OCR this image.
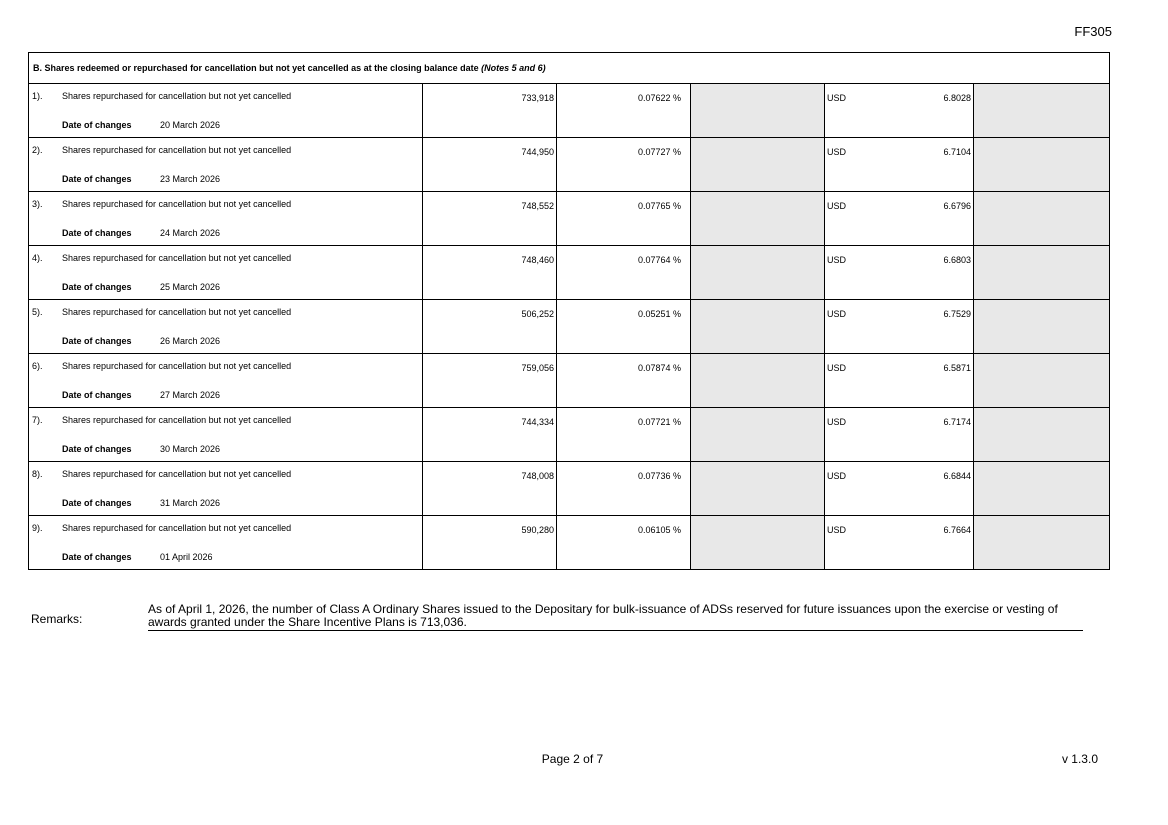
FF305
B. Shares redeemed or repurchased for cancellation but not yet cancelled as at the closing balance date (Notes 5 and 6)					

1). Shares repurchased for cancellation but not yet cancelled
Date of changes 20 March 2026	733,918	0.07622 %		USD 6.8028	

2). Shares repurchased for cancellation but not yet cancelled
Date of changes 23 March 2026	744,950	0.07727 %		USD 6.7104	

3). Shares repurchased for cancellation but not yet cancelled
Date of changes 24 March 2026	748,552	0.07765 %		USD 6.6796	

4). Shares repurchased for cancellation but not yet cancelled
Date of changes 25 March 2026	748,460	0.07764 %		USD 6.6803	

5). Shares repurchased for cancellation but not yet cancelled
Date of changes 26 March 2026	506,252	0.05251 %		USD 6.7529	

6). Shares repurchased for cancellation but not yet cancelled
Date of changes 27 March 2026	759,056	0.07874 %		USD 6.5871	

7). Shares repurchased for cancellation but not yet cancelled
Date of changes 30 March 2026	744,334	0.07721 %		USD 6.7174	

8). Shares repurchased for cancellation but not yet cancelled
Date of changes 31 March 2026	748,008	0.07736 %		USD 6.6844	

9). Shares repurchased for cancellation but not yet cancelled
Date of changes 01 April 2026	590,280	0.06105 %		USD 6.7664	

Remarks:
As of April 1, 2026, the number of Class A Ordinary Shares issued to the Depositary for bulk-issuance of ADSs reserved for future issuances upon the exercise or vesting of awards granted under the Share Incentive Plans is 713,036.
Page 2 of 7	v 1.3.0
